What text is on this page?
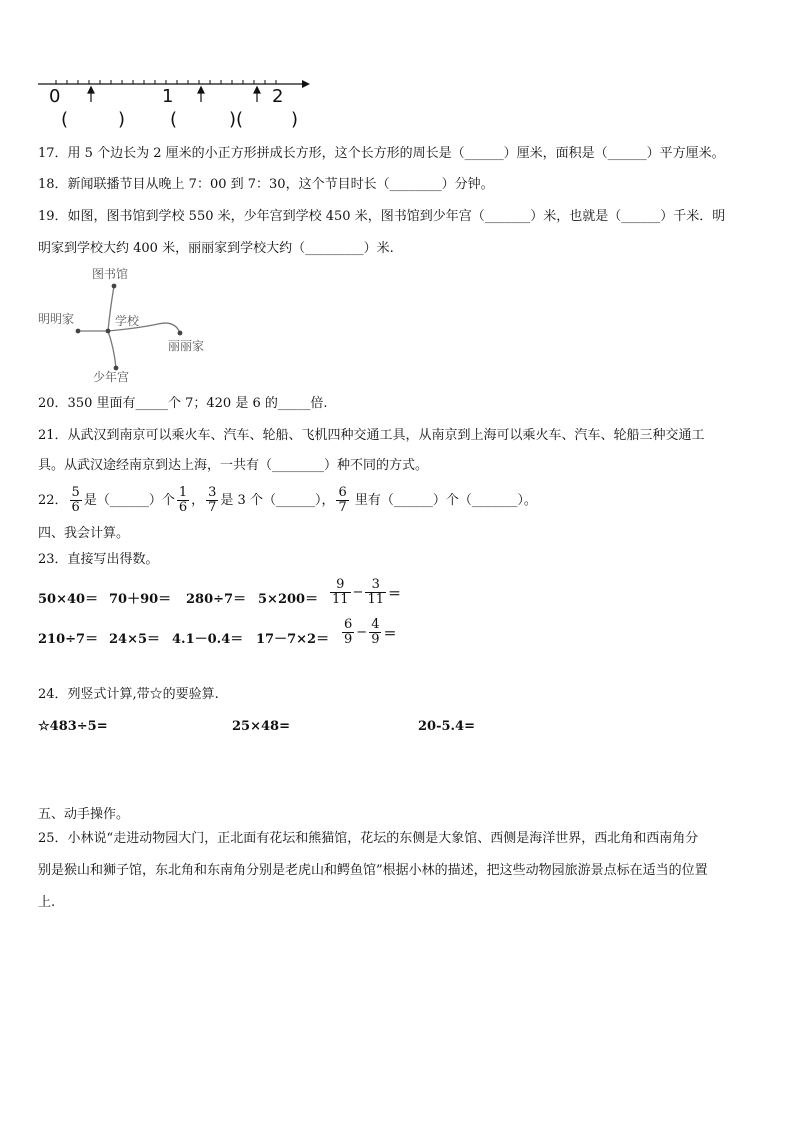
0	1	2
(	) (	)(	)
17．用 5 个边长为 2 厘米的小正方形拼成长方形，这个长方形的周长是（______）厘米，面积是（______）平方厘米。
18．新闻联播节目从晚上 7：00 到 7：30，这个节目时长（________）分钟。
19．如图，图书馆到学校 550 米，少年宫到学校 450 米，图书馆到少年宫（_______）米，也就是（______）千米．明
明家到学校大约 400 米，丽丽家到学校大约（_________）米.
图书馆
明明家	学校
丽丽家
少年宫
20．350 里面有_____个 7；420 是 6 的_____倍.
21．从武汉到南京可以乘火车、汽车、轮船、飞机四种交通工具，从南京到上海可以乘火车、汽车、轮船三种交通工
具。从武汉途经南京到达上海，一共有（________）种不同的方式。
22． $\frac{5}{6}$ 是（______）个 $\frac{1}{6}$ ， $\frac{3}{7}$ 是 3 个（______）， $\frac{6}{7}$ 里有（______）个（_______）。
四、我会计算。
23．直接写出得数。
$50\times 40= 70+90= 280\div 7= 5\times 200= \frac{9}{11} - \frac{3}{11}$ ＝
$210\div 7= 24\times 5= 4.1-0.4= 17-7\times 2= \frac{6}{9} - \frac{4}{9}$ ＝
24．列竖式计算,带☆的要验算.
☆483÷5=	25×48=	20-5.4=
五、动手操作。
25．小林说“走进动物园大门，正北面有花坛和熊猫馆，花坛的东侧是大象馆、西侧是海洋世界，西北角和西南角分
别是猴山和狮子馆，东北角和东南角分别是老虎山和鳄鱼馆”根据小林的描述，把这些动物园旅游景点标在适当的位置
上.
